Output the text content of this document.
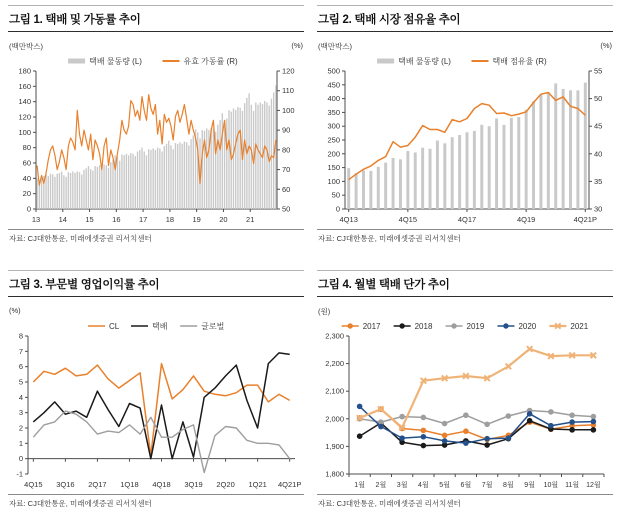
그림 1. 택배 및 가동률 추이
(백만박스)	(%)
0
20
40
60
80
100
120
140
160
180
50
60
70
80
90
100
110
120
13 14 15 16 17 18 19 20 21
택배 물동량 (L)	유효 가동률 (R)
자료: CJ대한통운, 미래에셋증권 리서치센터
그림 2. 택배 시장 점유율 추이
(백만박스)	(%)
0
50
100
150
200
250
300
350
400
450
500
30
35
40
45
50
55
4Q13	4Q15	4Q17	4Q19	4Q21P
택배 물동량 (L)	택배 점유율 (R)
자료: CJ대한통운, 미래에셋증권 리서치센터
그림 3. 부문별 영업이익률 추이
(%)
-1
0
1
2
3
4
5
6
7
8
4Q15 3Q16 2Q17 1Q18 4Q18 3Q19 2Q20 1Q21 4Q21P
CL	택배	글로벌
자료: CJ대한통운, 미래에셋증권 리서치센터
그림 4. 월별 택배 단가 추이
(원)
1,800
1,900
2,000
2,100
2,200
2,300
1월 2월 3월 4월 5월 6월 7월 8월 9월 10월 11월 12월
2017	2018	2019	2020	2021
자료: CJ대한통운, 미래에셋증권 리서치센터
